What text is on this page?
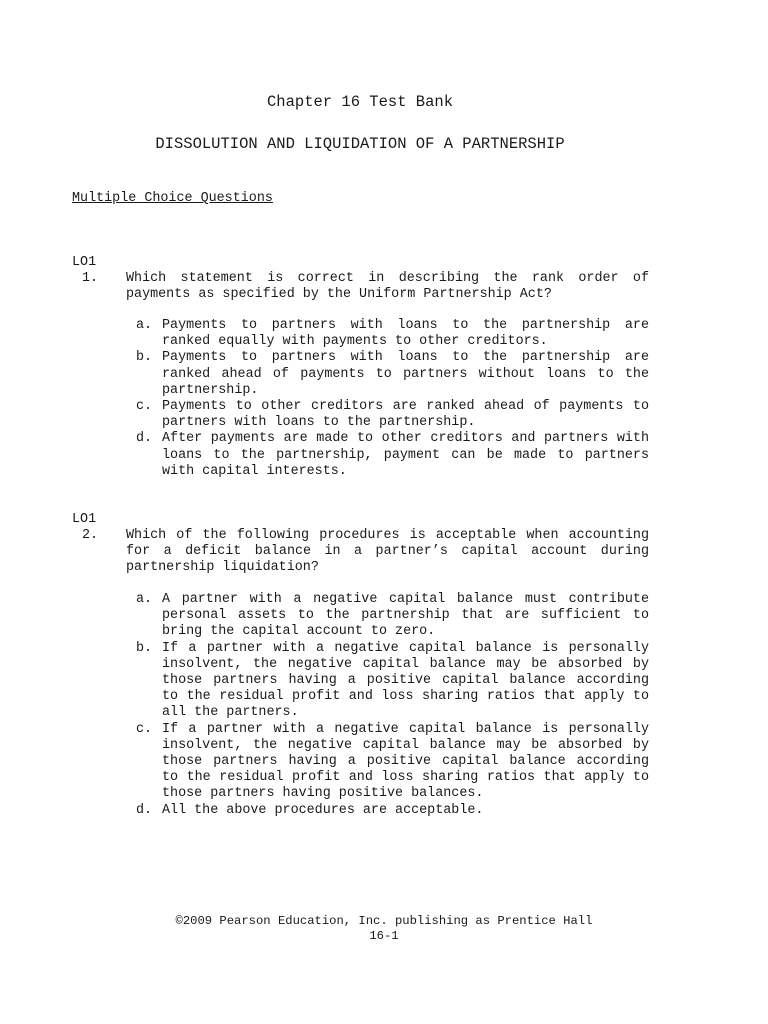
Chapter 16 Test Bank
DISSOLUTION AND LIQUIDATION OF A PARTNERSHIP
Multiple Choice Questions
LO1
1. Which statement is correct in describing the rank order of payments as specified by the Uniform Partnership Act?
a. Payments to partners with loans to the partnership are ranked equally with payments to other creditors.
b. Payments to partners with loans to the partnership are ranked ahead of payments to partners without loans to the partnership.
c. Payments to other creditors are ranked ahead of payments to partners with loans to the partnership.
d. After payments are made to other creditors and partners with loans to the partnership, payment can be made to partners with capital interests.
LO1
2. Which of the following procedures is acceptable when accounting for a deficit balance in a partner’s capital account during partnership liquidation?
a. A partner with a negative capital balance must contribute personal assets to the partnership that are sufficient to bring the capital account to zero.
b. If a partner with a negative capital balance is personally insolvent, the negative capital balance may be absorbed by those partners having a positive capital balance according to the residual profit and loss sharing ratios that apply to all the partners.
c. If a partner with a negative capital balance is personally insolvent, the negative capital balance may be absorbed by those partners having a positive capital balance according to the residual profit and loss sharing ratios that apply to those partners having positive balances.
d. All the above procedures are acceptable.
©2009 Pearson Education, Inc. publishing as Prentice Hall
16-1
